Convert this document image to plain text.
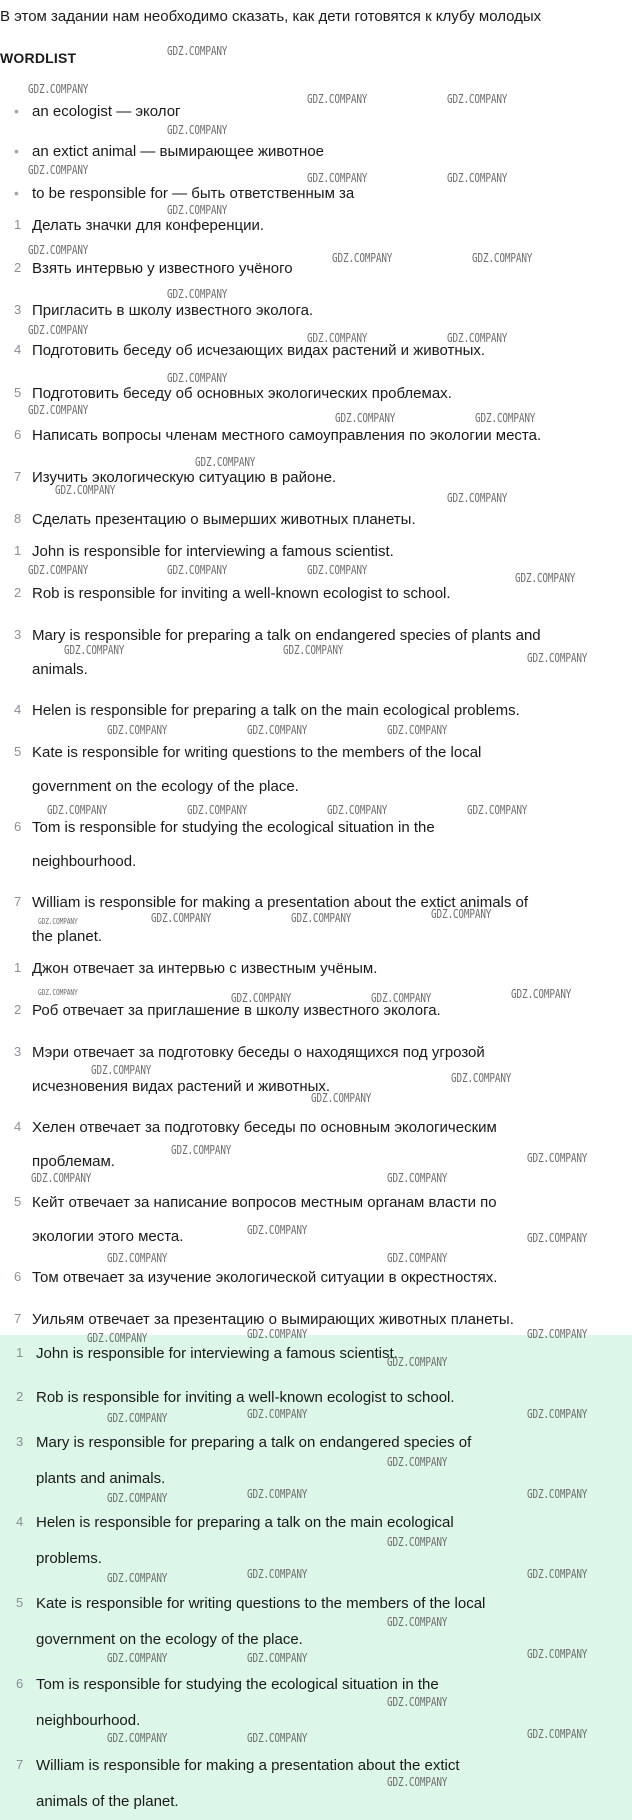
В этом задании нам необходимо сказать, как дети готовятся к клубу молодых
WORDLIST
• an ecologist — эколог
• an extict animal — вымирающее животное
• to be responsible for — быть ответственным за
1 Делать значки для конференции.
2 Взять интервью у известного учёного
3 Пригласить в школу известного эколога.
4 Подготовить беседу об исчезающих видах растений и животных.
5 Подготовить беседу об основных экологических проблемах.
6 Написать вопросы членам местного самоуправления по экологии места.
7 Изучить экологическую ситуацию в районе.
8 Сделать презентацию о вымерших животных планеты.
1 John is responsible for interviewing a famous scientist.
2 Rob is responsible for inviting a well-known ecologist to school.
3 Mary is responsible for preparing a talk on endangered species of plants and
animals.
4 Helen is responsible for preparing a talk on the main ecological problems.
5 Kate is responsible for writing questions to the members of the local
government on the ecology of the place.
6 Tom is responsible for studying the ecological situation in the
neighbourhood.
7 William is responsible for making a presentation about the extict animals of
the planet.
1 Джон отвечает за интервью с известным учёным.
2 Роб отвечает за приглашение в школу известного эколога.
3 Мэри отвечает за подготовку беседы о находящихся под угрозой
исчезновения видах растений и животных.
4 Хелен отвечает за подготовку беседы по основным экологическим
проблемам.
5 Кейт отвечает за написание вопросов местным органам власти по
экологии этого места.
6 Том отвечает за изучение экологической ситуации в окрестностях.
7 Уильям отвечает за презентацию о вымирающих животных планеты.
1 John is responsible for interviewing a famous scientist.
2 Rob is responsible for inviting a well-known ecologist to school.
3 Mary is responsible for preparing a talk on endangered species of
plants and animals.
4 Helen is responsible for preparing a talk on the main ecological
problems.
5 Kate is responsible for writing questions to the members of the local
government on the ecology of the place.
6 Tom is responsible for studying the ecological situation in the
neighbourhood.
7 William is responsible for making a presentation about the extict
animals of the planet.
GDZ.COMPANY
GDZ.COMPANY
GDZ.COMPANY	GDZ.COMPANY
GDZ.COMPANY
GDZ.COMPANY
GDZ.COMPANY	GDZ.COMPANY
GDZ.COMPANY
GDZ.COMPANY
GDZ.COMPANY	GDZ.COMPANY
GDZ.COMPANY
GDZ.COMPANY
GDZ.COMPANY	GDZ.COMPANY
GDZ.COMPANY
GDZ.COMPANY
GDZ.COMPANY	GDZ.COMPANY
GDZ.COMPANY
GDZ.COMPANY
GDZ.COMPANY
GDZ.COMPANY	GDZ.COMPANY	GDZ.COMPANY
GDZ.COMPANY
GDZ.COMPANY	GDZ.COMPANY
GDZ.COMPANY
GDZ.COMPANY	GDZ.COMPANY	GDZ.COMPANY
GDZ.COMPANY	GDZ.COMPANY	GDZ.COMPANY	GDZ.COMPANY
GDZ.COMPANY	GDZ.COMPANY	GDZ.COMPANY	GDZ.COMPANY
GDZ.COMPANY	GDZ.COMPANY	GDZ.COMPANY	GDZ.COMPANY
GDZ.COMPANY
GDZ.COMPANY
GDZ.COMPANY
GDZ.COMPANY
GDZ.COMPANY
GDZ.COMPANY	GDZ.COMPANY
GDZ.COMPANY
GDZ.COMPANY
GDZ.COMPANY	GDZ.COMPANY
GDZ.COMPANY	GDZ.COMPANY	GDZ.COMPANY
GDZ.COMPANY
GDZ.COMPANY	GDZ.COMPANY	GDZ.COMPANY
GDZ.COMPANY
GDZ.COMPANY	GDZ.COMPANY	GDZ.COMPANY
GDZ.COMPANY
GDZ.COMPANY	GDZ.COMPANY	GDZ.COMPANY
GDZ.COMPANY
GDZ.COMPANY	GDZ.COMPANY	GDZ.COMPANY
GDZ.COMPANY
GDZ.COMPANY	GDZ.COMPANY	GDZ.COMPANY
GDZ.COMPANY
